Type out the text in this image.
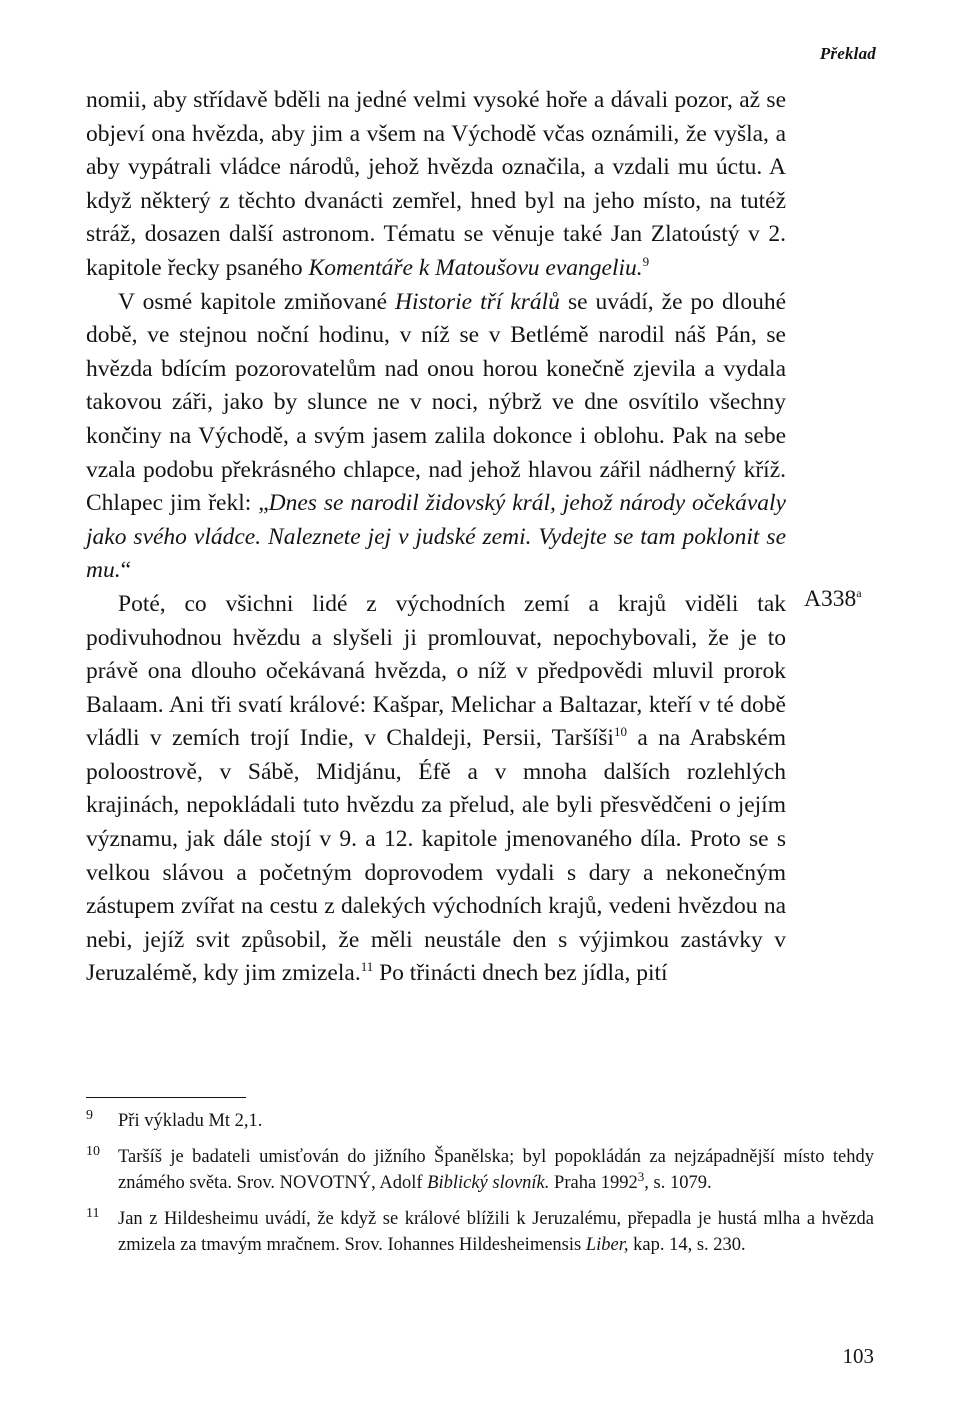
Překlad

nomii, aby střídavě bděli na jedné velmi vysoké hoře a dávali pozor, až se objeví ona hvězda, aby jim a všem na Východě včas oznámili, že vyšla, a aby vypátrali vládce národů, jehož hvězda označila, a vzdali mu úctu. A když některý z těchto dvanácti zemřel, hned byl na jeho místo, na tutéž stráž, dosazen další astronom. Tématu se věnuje také Jan Zlatoústý v 2. kapitole řecky psaného Komentáře k Matoušovu evangeliu.$^9$

V osmé kapitole zmiňované Historie tří králů se uvádí, že po dlouhé době, ve stejnou noční hodinu, v níž se v Betlémě narodil náš Pán, se hvězda bdícím pozorovatelům nad onou horou konečně zjevila a vydala takovou záři, jako by slunce ne v noci, nýbrž ve dne osvítilo všechny končiny na Východě, a svým jasem zalila dokonce i oblohu. Pak na sebe vzala podobu překrásného chlapce, nad jehož hlavou zářil nádherný kříž. Chlapec jim řekl: „Dnes se narodil židovský král, jehož národy očekávaly jako svého vládce. Naleznete jej v judské zemi. Vydejte se tam poklonit se mu.“

Poté, co všichni lidé z východních zemí a krajů viděli tak podivuhodnou hvězdu a slyšeli ji promlouvat, nepochybovali, že je to právě ona dlouho očekávaná hvězda, o níž v předpovědi mluvil prorok Balaam. Ani tři svatí králové: Kašpar, Melichar a Baltazar, kteří v té době vládli v zemích trojí Indie, v Chaldeji, Persii, Taršíši$^{10}$ a na Arabském poloostrově, v Sábě, Midjánu, Éfě a v mnoha dalších rozlehlých krajinách, nepokládali tuto hvězdu za přelud, ale byli přesvědčeni o jejím významu, jak dále stojí v 9. a 12. kapitole jmenovaného díla. Proto se s velkou slávou a početným doprovodem vydali s dary a nekonečným zástupem zvířat na cestu z dalekých východních krajů, vedeni hvězdou na nebi, jejíž svit způsobil, že měli neustále den s výjimkou zastávky v Jeruzalémě, kdy jim zmizela.$^{11}$ Po třinácti dnech bez jídla, pití

A338$^a$
9 Při výkladu Mt 2,1.
10 Taršíš je badateli umisťován do jižního Španělska; byl popokládán za nejzápadnější místo tehdy známého světa. Srov. NOVOTNÝ, Adolf Biblický slovník. Praha 1992$^3$, s. 1079.
11 Jan z Hildesheimu uvádí, že když se králové blížili k Jeruzalému, přepadla je hustá mlha a hvězda zmizela za tmavým mračnem. Srov. Iohannes Hildesheimensis Liber, kap. 14, s. 230.
103
